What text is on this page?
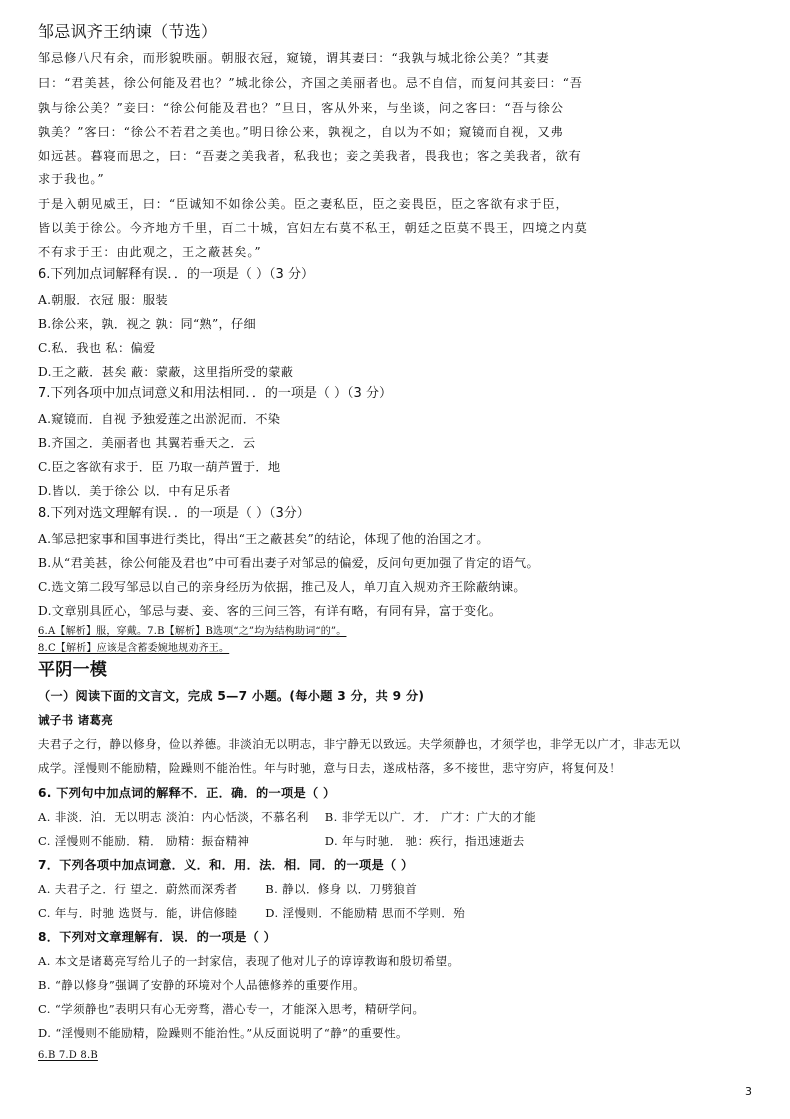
邹忌讽齐王纳谏（节选）
邹忌修八尺有余，而形貌昳丽。朝服衣冠，窥镜，谓其妻曰：“我孰与城北徐公美？”其妻
曰：“君美甚，徐公何能及君也？”城北徐公，齐国之美丽者也。忌不自信，而复问其妾曰：“吾
孰与徐公美？”妾曰：“徐公何能及君也？”旦日，客从外来，与坐谈，问之客曰：“吾与徐公
孰美？”客曰：“徐公不若君之美也。”明日徐公来，孰视之，自以为不如；窥镜而自视，又弗
如远甚。暮寝而思之，曰：“吾妻之美我者，私我也；妾之美我者，畏我也；客之美我者，欲有
求于我也。”
于是入朝见威王，曰：“臣诚知不如徐公美。臣之妻私臣，臣之妾畏臣，臣之客欲有求于臣，
皆以美于徐公。今齐地方千里，百二十城，宫妇左右莫不私王，朝廷之臣莫不畏王，四境之内莫
不有求于王：由此观之，王之蔽甚矣。”
6.下列加点词解释有误．．的一项是（ ）（3 分）
A.朝服．衣冠 服：服装
B.徐公来，孰．视之 孰：同“熟”，仔细
C.私．我也 私：偏爱
D.王之蔽．甚矣 蔽：蒙蔽，这里指所受的蒙蔽
7.下列各项中加点词意义和用法相同．．的一项是（ ）（3 分）
A.窥镜而．自视 予独爱莲之出淤泥而．不染
B.齐国之．美丽者也 其翼若垂天之．云
C.臣之客欲有求于．臣 乃取一葫芦置于．地
D.皆以．美于徐公 以．中有足乐者
8.下列对选文理解有误．．的一项是（ ）（3分）
A.邹忌把家事和国事进行类比，得出“王之蔽甚矣”的结论，体现了他的治国之才。
B.从“君美甚，徐公何能及君也”中可看出妻子对邹忌的偏爱，反问句更加强了肯定的语气。
C.选文第二段写邹忌以自己的亲身经历为依据，推己及人，单刀直入规劝齐王除蔽纳谏。
D.文章别具匠心，邹忌与妻、妾、客的三问三答，有详有略，有同有异，富于变化。
6.A【解析】服，穿戴。7.B【解析】B选项“之”均为结构助词“的”。
8.C【解析】应该是含蓄委婉地规劝齐王。
平阴一模
（一）阅读下面的文言文，完成 5—7 小题。(每小题 3 分，共 9 分)
诫子书 诸葛亮
夫君子之行，静以修身，俭以养德。非淡泊无以明志，非宁静无以致远。夫学须静也，才须学也，非学无以广才，非志无以
成学。淫慢则不能励精，险躁则不能治性。年与时驰，意与日去，遂成枯落，多不接世，悲守穷庐，将复何及！
6. 下列句中加点词的解释不．正．确．的一项是（ ）
A. 非淡．泊．无以明志 淡泊：内心恬淡，不慕名利　 B. 非学无以广．才． 广才：广大的才能
C. 淫慢则不能励．精． 励精：振奋精神　　　　　　 D. 年与时驰． 驰：疾行，指迅速逝去
7．下列各项中加点词意．义．和．用．法．相．同．的一项是（ ）
A. 夫君子之．行 望之．蔚然而深秀者　　 B. 静以．修身 以．刀劈狼首
C. 年与．时驰 选贤与．能，讲信修睦　　 D. 淫慢则．不能励精 思而不学则．殆
8．下列对文章理解有．误．的一项是（ ）
A. 本文是诸葛亮写给儿子的一封家信，表现了他对儿子的谆谆教诲和殷切希望。
B. “静以修身”强调了安静的环境对个人品德修养的重要作用。
C. “学须静也”表明只有心无旁骛，潜心专一，才能深入思考，精研学问。
D. “淫慢则不能励精，险躁则不能治性。”从反面说明了“静”的重要性。
6.B 7.D 8.B
3
